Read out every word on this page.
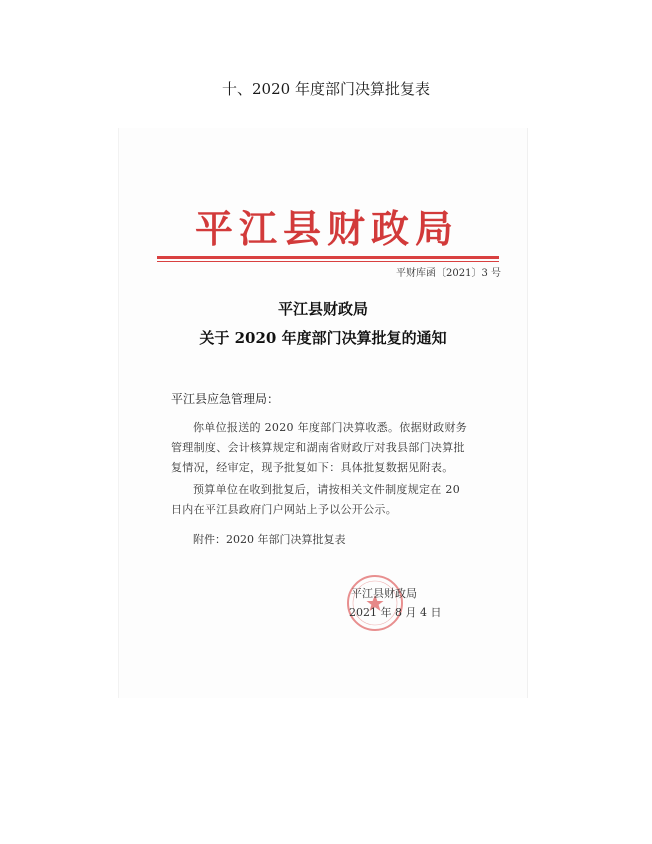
十、2020 年度部门决算批复表
平江县财政局
平财库函〔2021〕3 号
平江县财政局
关于 2020 年度部门决算批复的通知
平江县应急管理局：
你单位报送的 2020 年度部门决算收悉。依据财政财务管理制度、会计核算规定和湖南省财政厅对我县部门决算批复情况，经审定，现予批复如下：具体批复数据见附表。
预算单位在收到批复后，请按相关文件制度规定在 20 日内在平江县政府门户网站上予以公开公示。
附件：2020 年部门决算批复表
平江县财政局
2021 年 8 月 4 日
